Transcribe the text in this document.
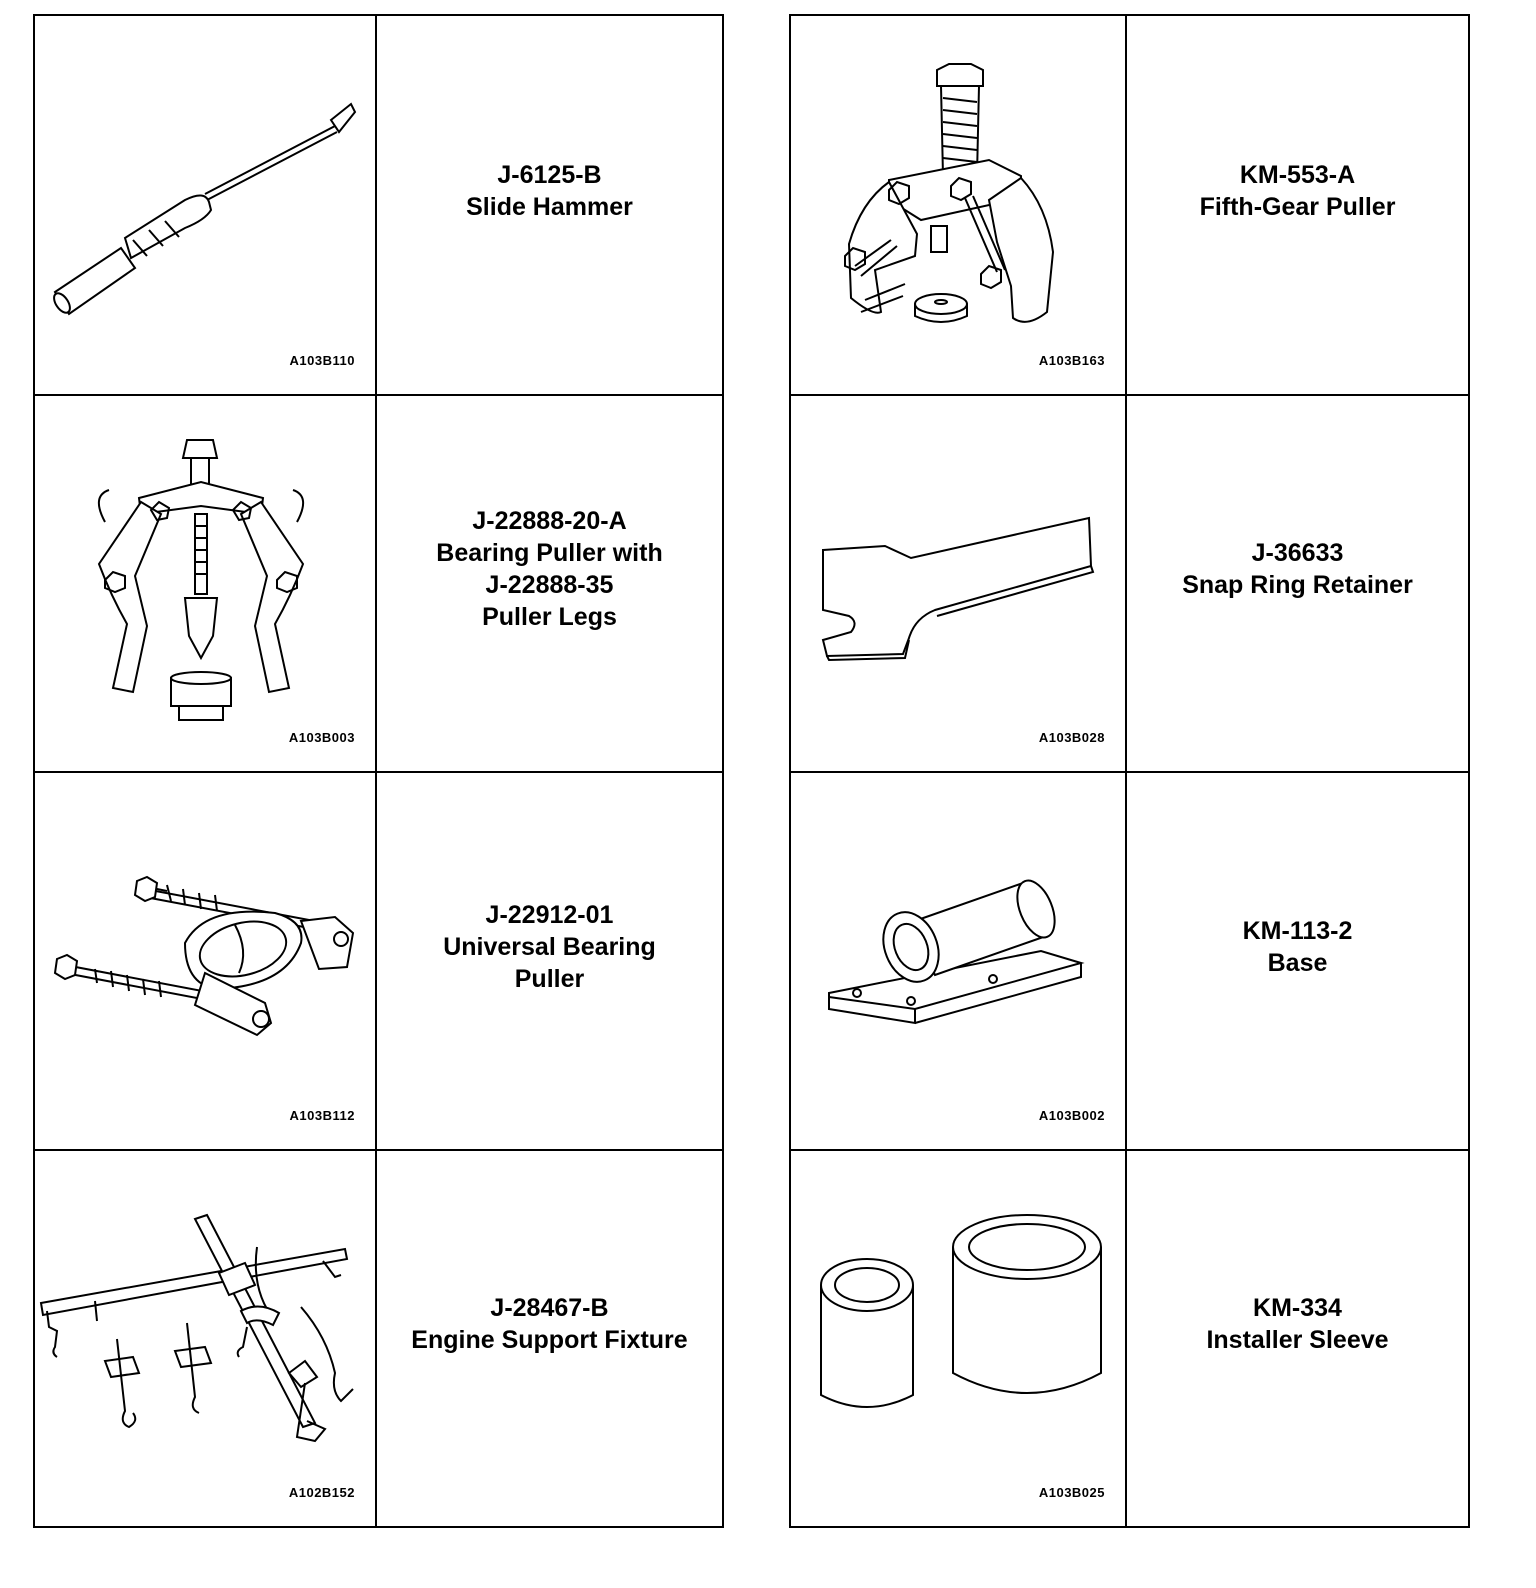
A103B110
J-6125-B
Slide Hammer
A103B003
J-22888-20-A
Bearing Puller with
J-22888-35
Puller Legs
A103B112
J-22912-01
Universal Bearing
Puller
A102B152
J-28467-B
Engine Support Fixture
A103B163
KM-553-A
Fifth-Gear Puller
A103B028
J-36633
Snap Ring Retainer
A103B002
KM-113-2
Base
A103B025
KM-334
Installer Sleeve
